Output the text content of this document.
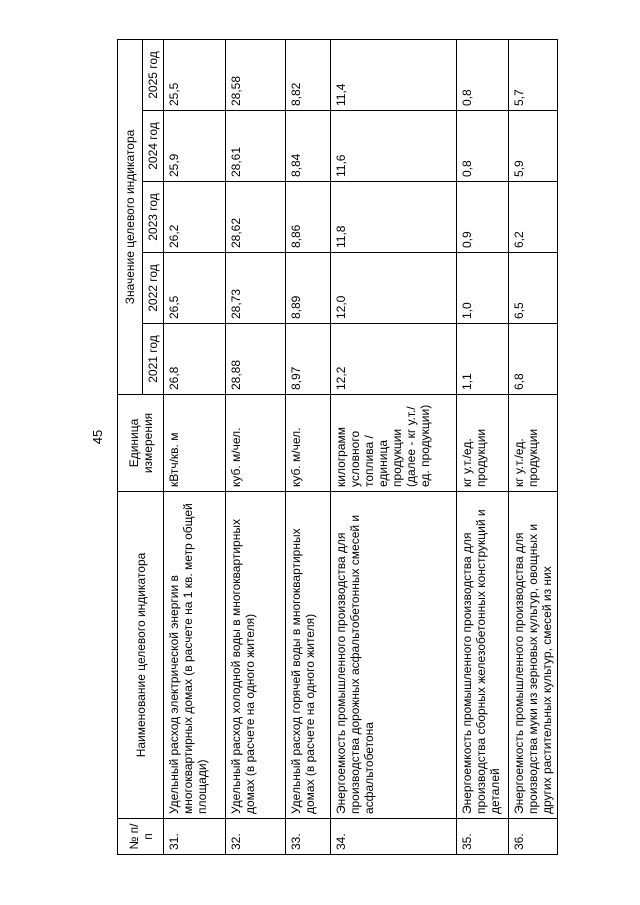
45
№ п/п	Наименование целевого индикатора	Единица измерения	Значение целевого индикатора				
			2021 год	2022 год	2023 год	2024 год	2025 год
31.	Удельный расход электрической энергии в многоквартирных домах (в расчете на 1 кв. метр общей площади)	кВтч/кв. м	26,8	26,5	26,2	25,9	25,5
32.	Удельный расход холодной воды в многоквартирных домах (в расчете на одного жителя)	куб. м/чел.	28,88	28,73	28,62	28,61	28,58
33.	Удельный расход горячей воды в многоквартирных домах (в расчете на одного жителя)	куб. м/чел.	8,97	8,89	8,86	8,84	8,82
34.	Энергоемкость промышленного производства для производства дорожных асфальтобетонных смесей и асфальтобетона	килограмм условного топлива / единица продукции (далее - кг у.т./ед. продукции)	12,2	12,0	11,8	11,6	11,4
35.	Энергоемкость промышленного производства для производства сборных железобетонных конструкций и деталей	кг у.т./ед. продукции	1,1	1,0	0,9	0,8	0,8
36.	Энергоемкость промышленного производства для производства муки из зерновых культур, овощных и других растительных культур, смесей из них	кг у.т./ед. продукции	6,8	6,5	6,2	5,9	5,7
